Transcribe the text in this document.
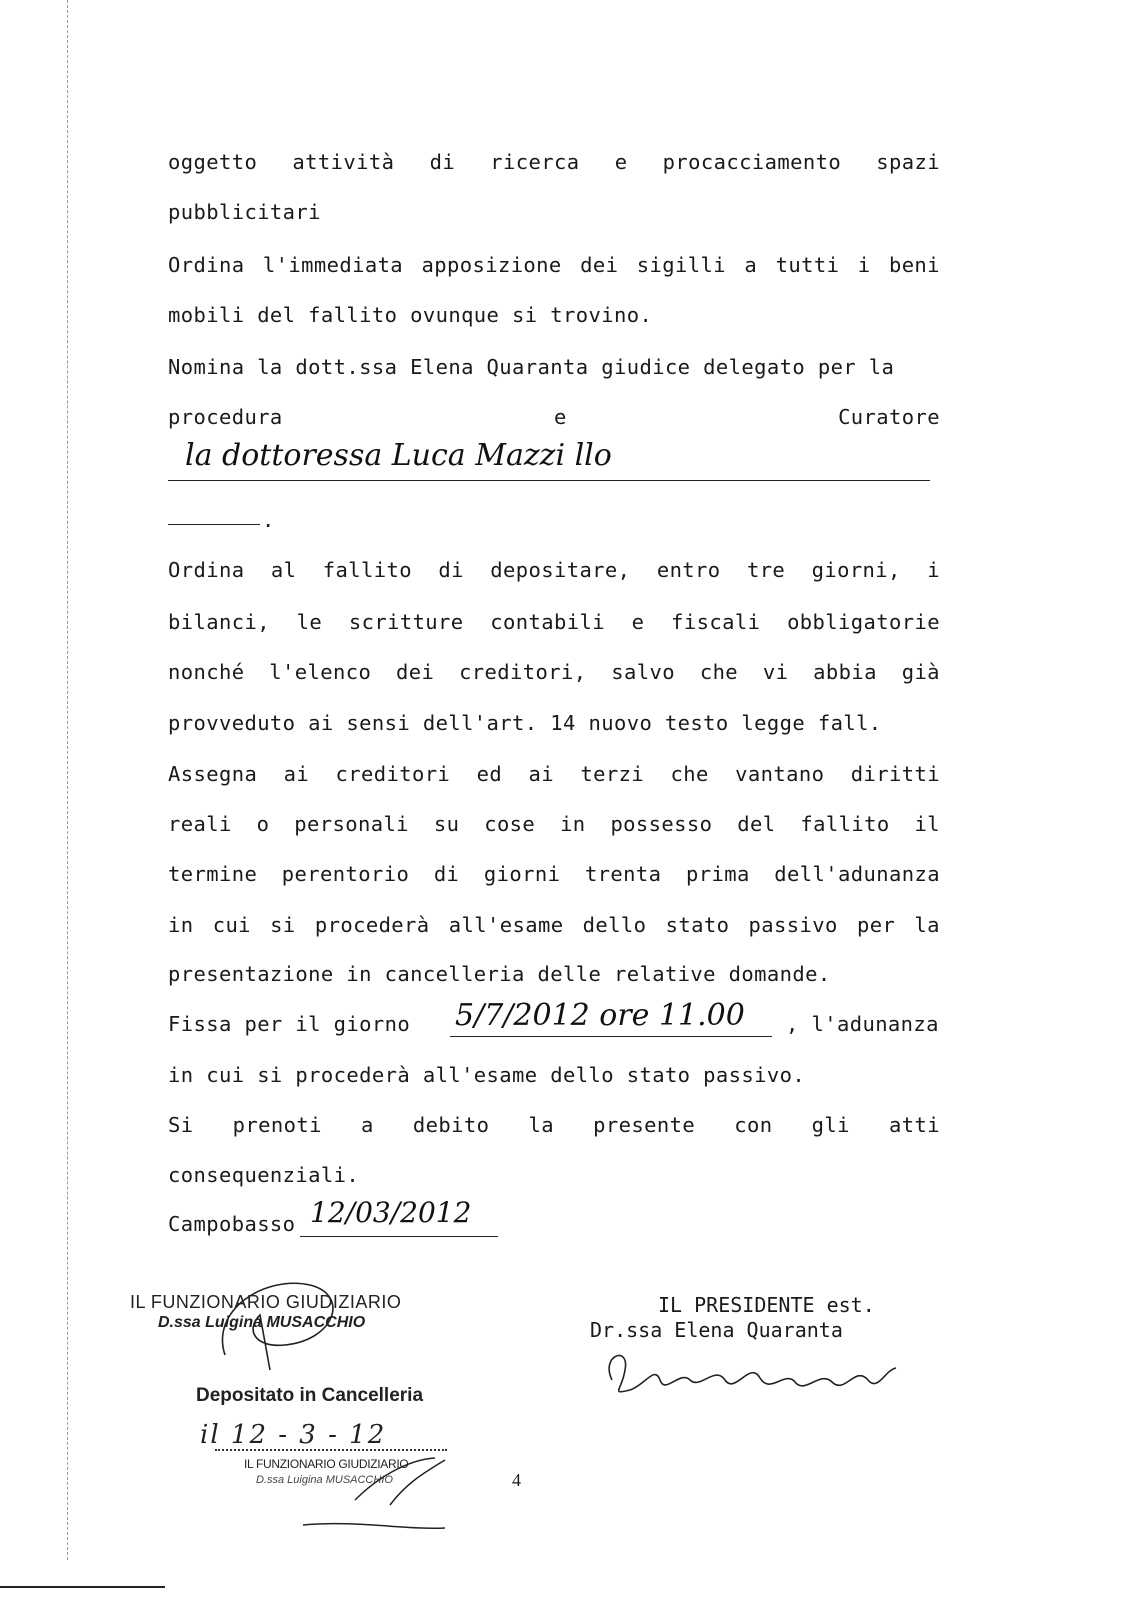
oggetto attività di ricerca e procacciamento spazi
pubblicitari
Ordina l'immediata apposizione dei sigilli a tutti i beni
mobili del fallito ovunque si trovino.
Nomina la dott.ssa Elena Quaranta giudice delegato per la
procedura	e	Curatore
la dottoressa Luca Mazzi llo
.
Ordina al fallito di depositare, entro tre giorni, i
bilanci, le scritture contabili e fiscali obbligatorie
nonché l'elenco dei creditori, salvo che vi abbia già
provveduto ai sensi dell'art. 14 nuovo testo legge fall.
Assegna ai creditori ed ai terzi che vantano diritti
reali o personali su cose in possesso del fallito il
termine perentorio di giorni trenta prima dell'adunanza
in cui si procederà all'esame dello stato passivo per la
presentazione in cancelleria delle relative domande.
Fissa per il giorno	, l'adunanza
5/7/2012 ore 11.00
in cui si procederà all'esame dello stato passivo.
Si prenoti a debito la presente con gli atti
consequenziali.
Campobasso 12/03/2012
IL FUNZIONARIO GIUDIZIARIO
D.ssa Luigina MUSACCHIO
Depositato in Cancelleria
il 12 - 3 - 12
IL FUNZIONARIO GIUDIZIARIO
D.ssa Luigina MUSACCHIO	4
IL PRESIDENTE est.
Dr.ssa Elena Quaranta
